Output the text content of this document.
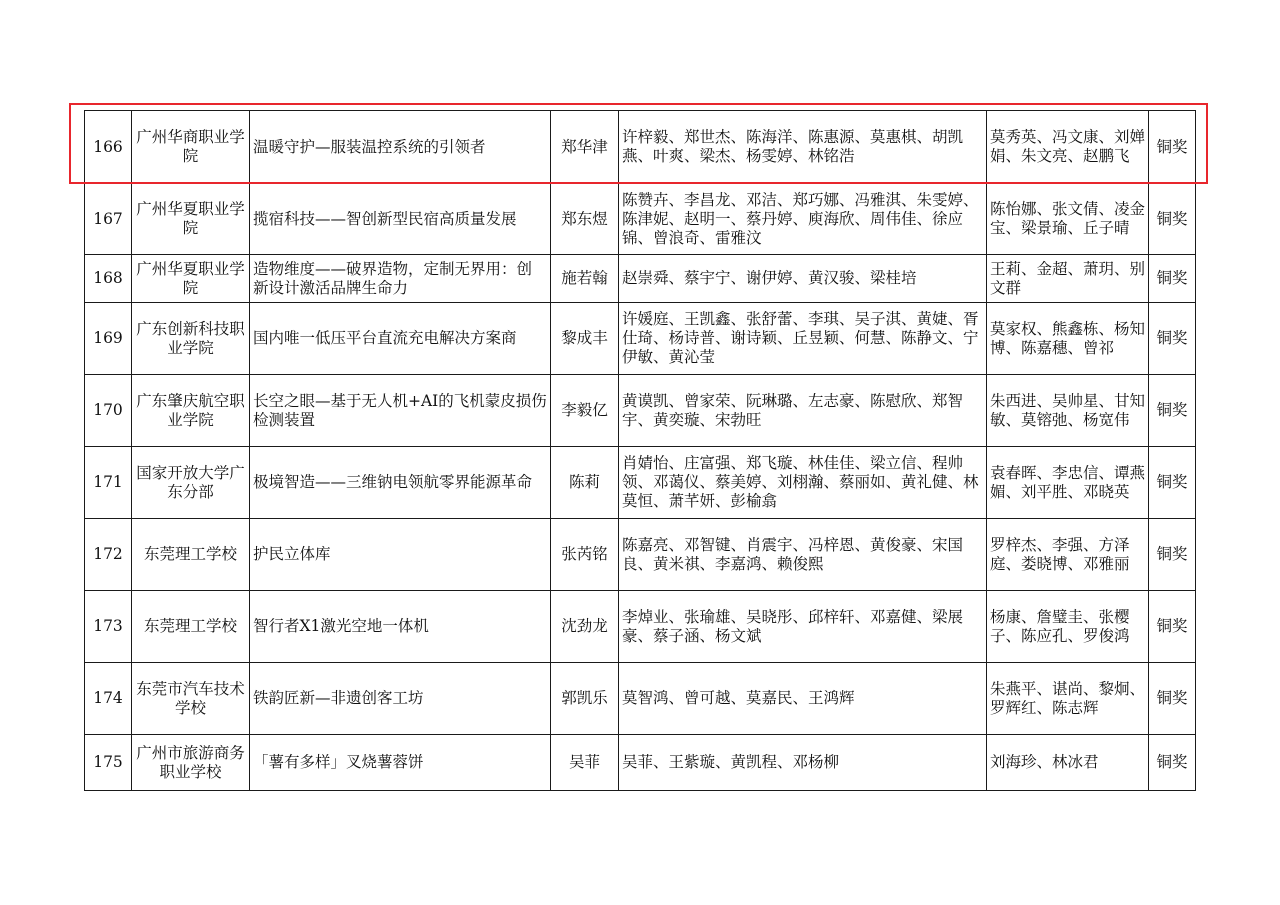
166	广州华商职业学院	温暖守护—服装温控系统的引领者	郑华津	许梓毅、郑世杰、陈海洋、陈惠源、莫惠棋、胡凯燕、叶爽、梁杰、杨雯婷、林铭浩	莫秀英、冯文康、刘婵娟、朱文亮、赵鹏飞	铜奖
167	广州华夏职业学院	揽宿科技——智创新型民宿高质量发展	郑东煜	陈赞卉、李昌龙、邓洁、郑巧娜、冯雅淇、朱雯婷、陈津妮、赵明一、蔡丹婷、庾海欣、周伟佳、徐应锦、曾浪奇、雷雅汶	陈怡娜、张文倩、凌金宝、梁景瑜、丘子晴	铜奖
168	广州华夏职业学院	造物维度——破界造物，定制无界用：创新设计激活品牌生命力	施若翰	赵崇舜、蔡宇宁、谢伊婷、黄汉骏、梁桂培	王莉、金超、萧玥、别文群	铜奖
169	广东创新科技职业学院	国内唯一低压平台直流充电解决方案商	黎成丰	许媛庭、王凯鑫、张舒蕾、李琪、吴子淇、黄婕、胥仕琦、杨诗普、谢诗颖、丘昱颖、何慧、陈静文、宁伊敏、黄沁莹	莫家权、熊鑫栋、杨知博、陈嘉穗、曾祁	铜奖
170	广东肇庆航空职业学院	长空之眼—基于无人机+AI的飞机蒙皮损伤检测装置	李毅亿	黄谟凯、曾家荣、阮琳璐、左志豪、陈慰欣、郑智宇、黄奕璇、宋勃旺	朱西进、吴帅星、甘知敏、莫镕弛、杨宽伟	铜奖
171	国家开放大学广东分部	极境智造——三维钠电领航零界能源革命	陈莉	肖婧怡、庄富强、郑飞璇、林佳佳、梁立信、程帅领、邓蔼仪、蔡美婷、刘栩瀚、蔡丽如、黄礼健、林莫恒、萧芊妍、彭榆翕	袁春晖、李忠信、谭燕媚、刘平胜、邓晓英	铜奖
172	东莞理工学校	护民立体库	张芮铭	陈嘉亮、邓智键、肖震宇、冯梓恩、黄俊豪、宋国良、黄米祺、李嘉鸿、赖俊熙	罗梓杰、李强、方泽庭、娄晓博、邓雅丽	铜奖
173	东莞理工学校	智行者X1激光空地一体机	沈劲龙	李焯业、张瑜雄、吴晓彤、邱梓轩、邓嘉健、梁展豪、蔡子涵、杨文斌	杨康、詹璧圭、张樱子、陈应孔、罗俊鸿	铜奖
174	东莞市汽车技术学校	铁韵匠新—非遗创客工坊	郭凯乐	莫智鸿、曾可越、莫嘉民、王鸿辉	朱燕平、谌尚、黎炯、罗辉红、陈志辉	铜奖
175	广州市旅游商务职业学校	「薯有多样」叉烧薯蓉饼	吴菲	吴菲、王紫璇、黄凯程、邓杨柳	刘海珍、林冰君	铜奖
